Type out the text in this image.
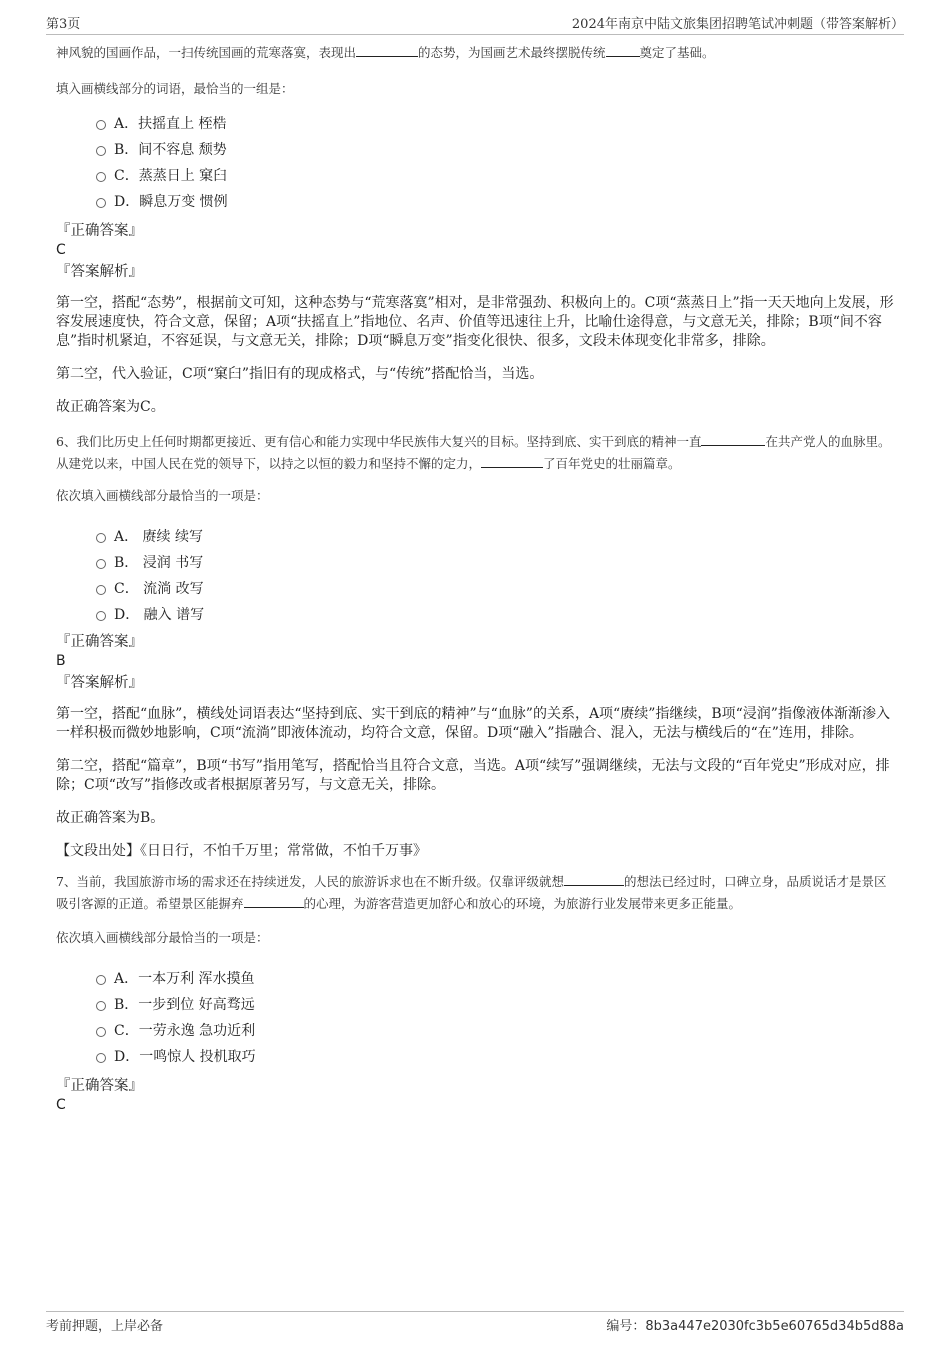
第3页	2024年南京中陆文旅集团招聘笔试冲刺题（带答案解析）
神风貌的国画作品，一扫传统国画的荒寒落寞，表现出	的态势，为国画艺术最终摆脱传统	奠定了基础。
填入画横线部分的词语，最恰当的一组是：
A．扶摇直上 桎梏
B．间不容息 颓势
C．蒸蒸日上 窠臼
D．瞬息万变 惯例
『正确答案』
C
『答案解析』

第一空，搭配“态势”，根据前文可知，这种态势与“荒寒落寞”相对，是非常强劲、积极向上的。C项“蒸蒸日上”指一天天地向上发展，形容发展速度快，符合文意，保留；A项“扶摇直上”指地位、名声、价值等迅速往上升，比喻仕途得意，与文意无关，排除；B项“间不容息”指时机紧迫，不容延误，与文意无关，排除；D项“瞬息万变”指变化很快、很多，文段未体现变化非常多，排除。

第二空，代入验证，C项“窠臼”指旧有的现成格式，与“传统”搭配恰当，当选。

故正确答案为C。

6、我们比历史上任何时期都更接近、更有信心和能力实现中华民族伟大复兴的目标。坚持到底、实干到底的精神一直	在共产党人的血脉里。从建党以来，中国人民在党的领导下，以持之以恒的毅力和坚持不懈的定力，	了百年党史的壮丽篇章。
依次填入画横线部分最恰当的一项是：
A． 赓续 续写
B． 浸润 书写
C． 流淌 改写
D． 融入 谱写
『正确答案』
B
『答案解析』

第一空，搭配“血脉”，横线处词语表达“坚持到底、实干到底的精神”与“血脉”的关系，A项“赓续”指继续，B项“浸润”指像液体渐渐渗入一样积极而微妙地影响，C项“流淌”即液体流动，均符合文意，保留。D项“融入”指融合、混入，无法与横线后的“在”连用，排除。

第二空，搭配“篇章”，B项“书写”指用笔写，搭配恰当且符合文意，当选。A项“续写”强调继续，无法与文段的“百年党史”形成对应，排除；C项“改写”指修改或者根据原著另写，与文意无关，排除。

故正确答案为B。

【文段出处】《日日行，不怕千万里；常常做，不怕千万事》

7、当前，我国旅游市场的需求还在持续迸发，人民的旅游诉求也在不断升级。仅靠评级就想	的想法已经过时，口碑立身，品质说话才是景区吸引客源的正道。希望景区能摒弃	的心理，为游客营造更加舒心和放心的环境，为旅游行业发展带来更多正能量。
依次填入画横线部分最恰当的一项是：
A．一本万利 浑水摸鱼
B．一步到位 好高骛远
C．一劳永逸 急功近利
D．一鸣惊人 投机取巧
『正确答案』
C
考前押题，上岸必备	编号：8b3a447e2030fc3b5e60765d34b5d88a
